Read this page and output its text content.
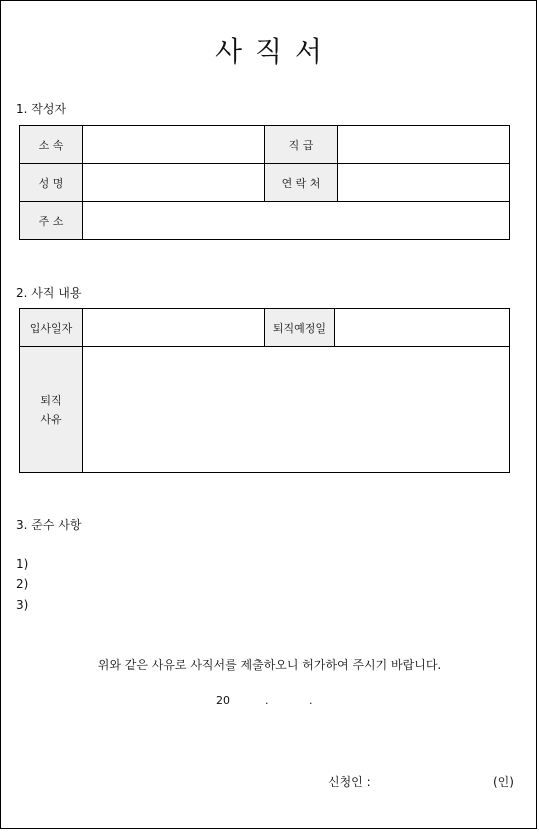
사 직 서
1. 작성자
소 속		직 급	
성 명		연 락 처	
주 소			
2. 사직 내용
입사일자		퇴직예정일	

퇴직
사유			

3. 준수 사항
1)
2)
3)
위와 같은 사유로 사직서를 제출하오니 허가하여 주시기 바랍니다.
20	.	.
신청인 :	(인)
